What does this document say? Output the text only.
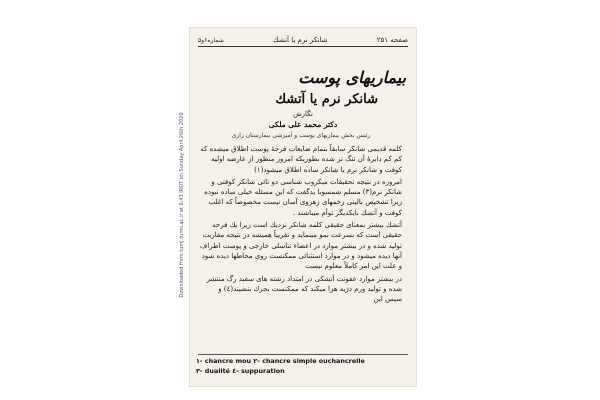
Downloaded from tumj.tums.ac.ir at 6:43 IRDT on Sunday April 26th 2020
صفحه ۲۵۱
شانکر نرم یا آتشك
شماره۶و۵
بیماریهای پوست
شانکر نرم یا آتشك
نگارش
دکتر محمد علی ملکی
رئیس بخش بیماریهای پوست و آمیزشی بیمارستان رازی

کلمه قدیمی شانکر سابقاً بتمام ضایعات قرحهٔ پوست اطلاق میشده که کم کم دایرهٔ آن تنگ تر شده بطوریکه امروز منظور از عارضه اولیه کوفت و شانکر نرم یا شانکر ساده اطلاق میشود(۱)

امروزه در نتیجه تحقیقات میکروب شناسی دو تائی شانکر کوفتی و شانکر نرم(۳) مسلم شمسوبا یدگفت که این مسئله خیلی ساده نبوده زیرا تشخیص بالینی زخمهای زهروی آسان نیست مخصوصاً که اغلب کوفت و آتشك بایکدیگر توأم میباشند .

آتشك بیشتر بمعنای حقیقی کلمه شانکر نزدیك است زیرا یك قرحه حقیقی است که بسرعت نمو مینماید و تقریباً همیشه در نتیجه مقاربت تولید شده و در بیشتر موارد در اعضاء تناسلی خارجی و پوست اطراف آنها دیده میشود و در موارد استثنائی ممکنست روی مخاطها دیده شود و علت این امر کاملاً معلوم نیست

در بیشتر موارد عفونت آتشکی در امتداد رشته های سفید رگ منتشر شده و تولید ورم دژیه هزا میکند که ممکنست بجرك بنشیند(٤) و سپس این

۱- chancre mou ۲- chancre simple ouchancrelle
۳- dualité ٤- suppuration
